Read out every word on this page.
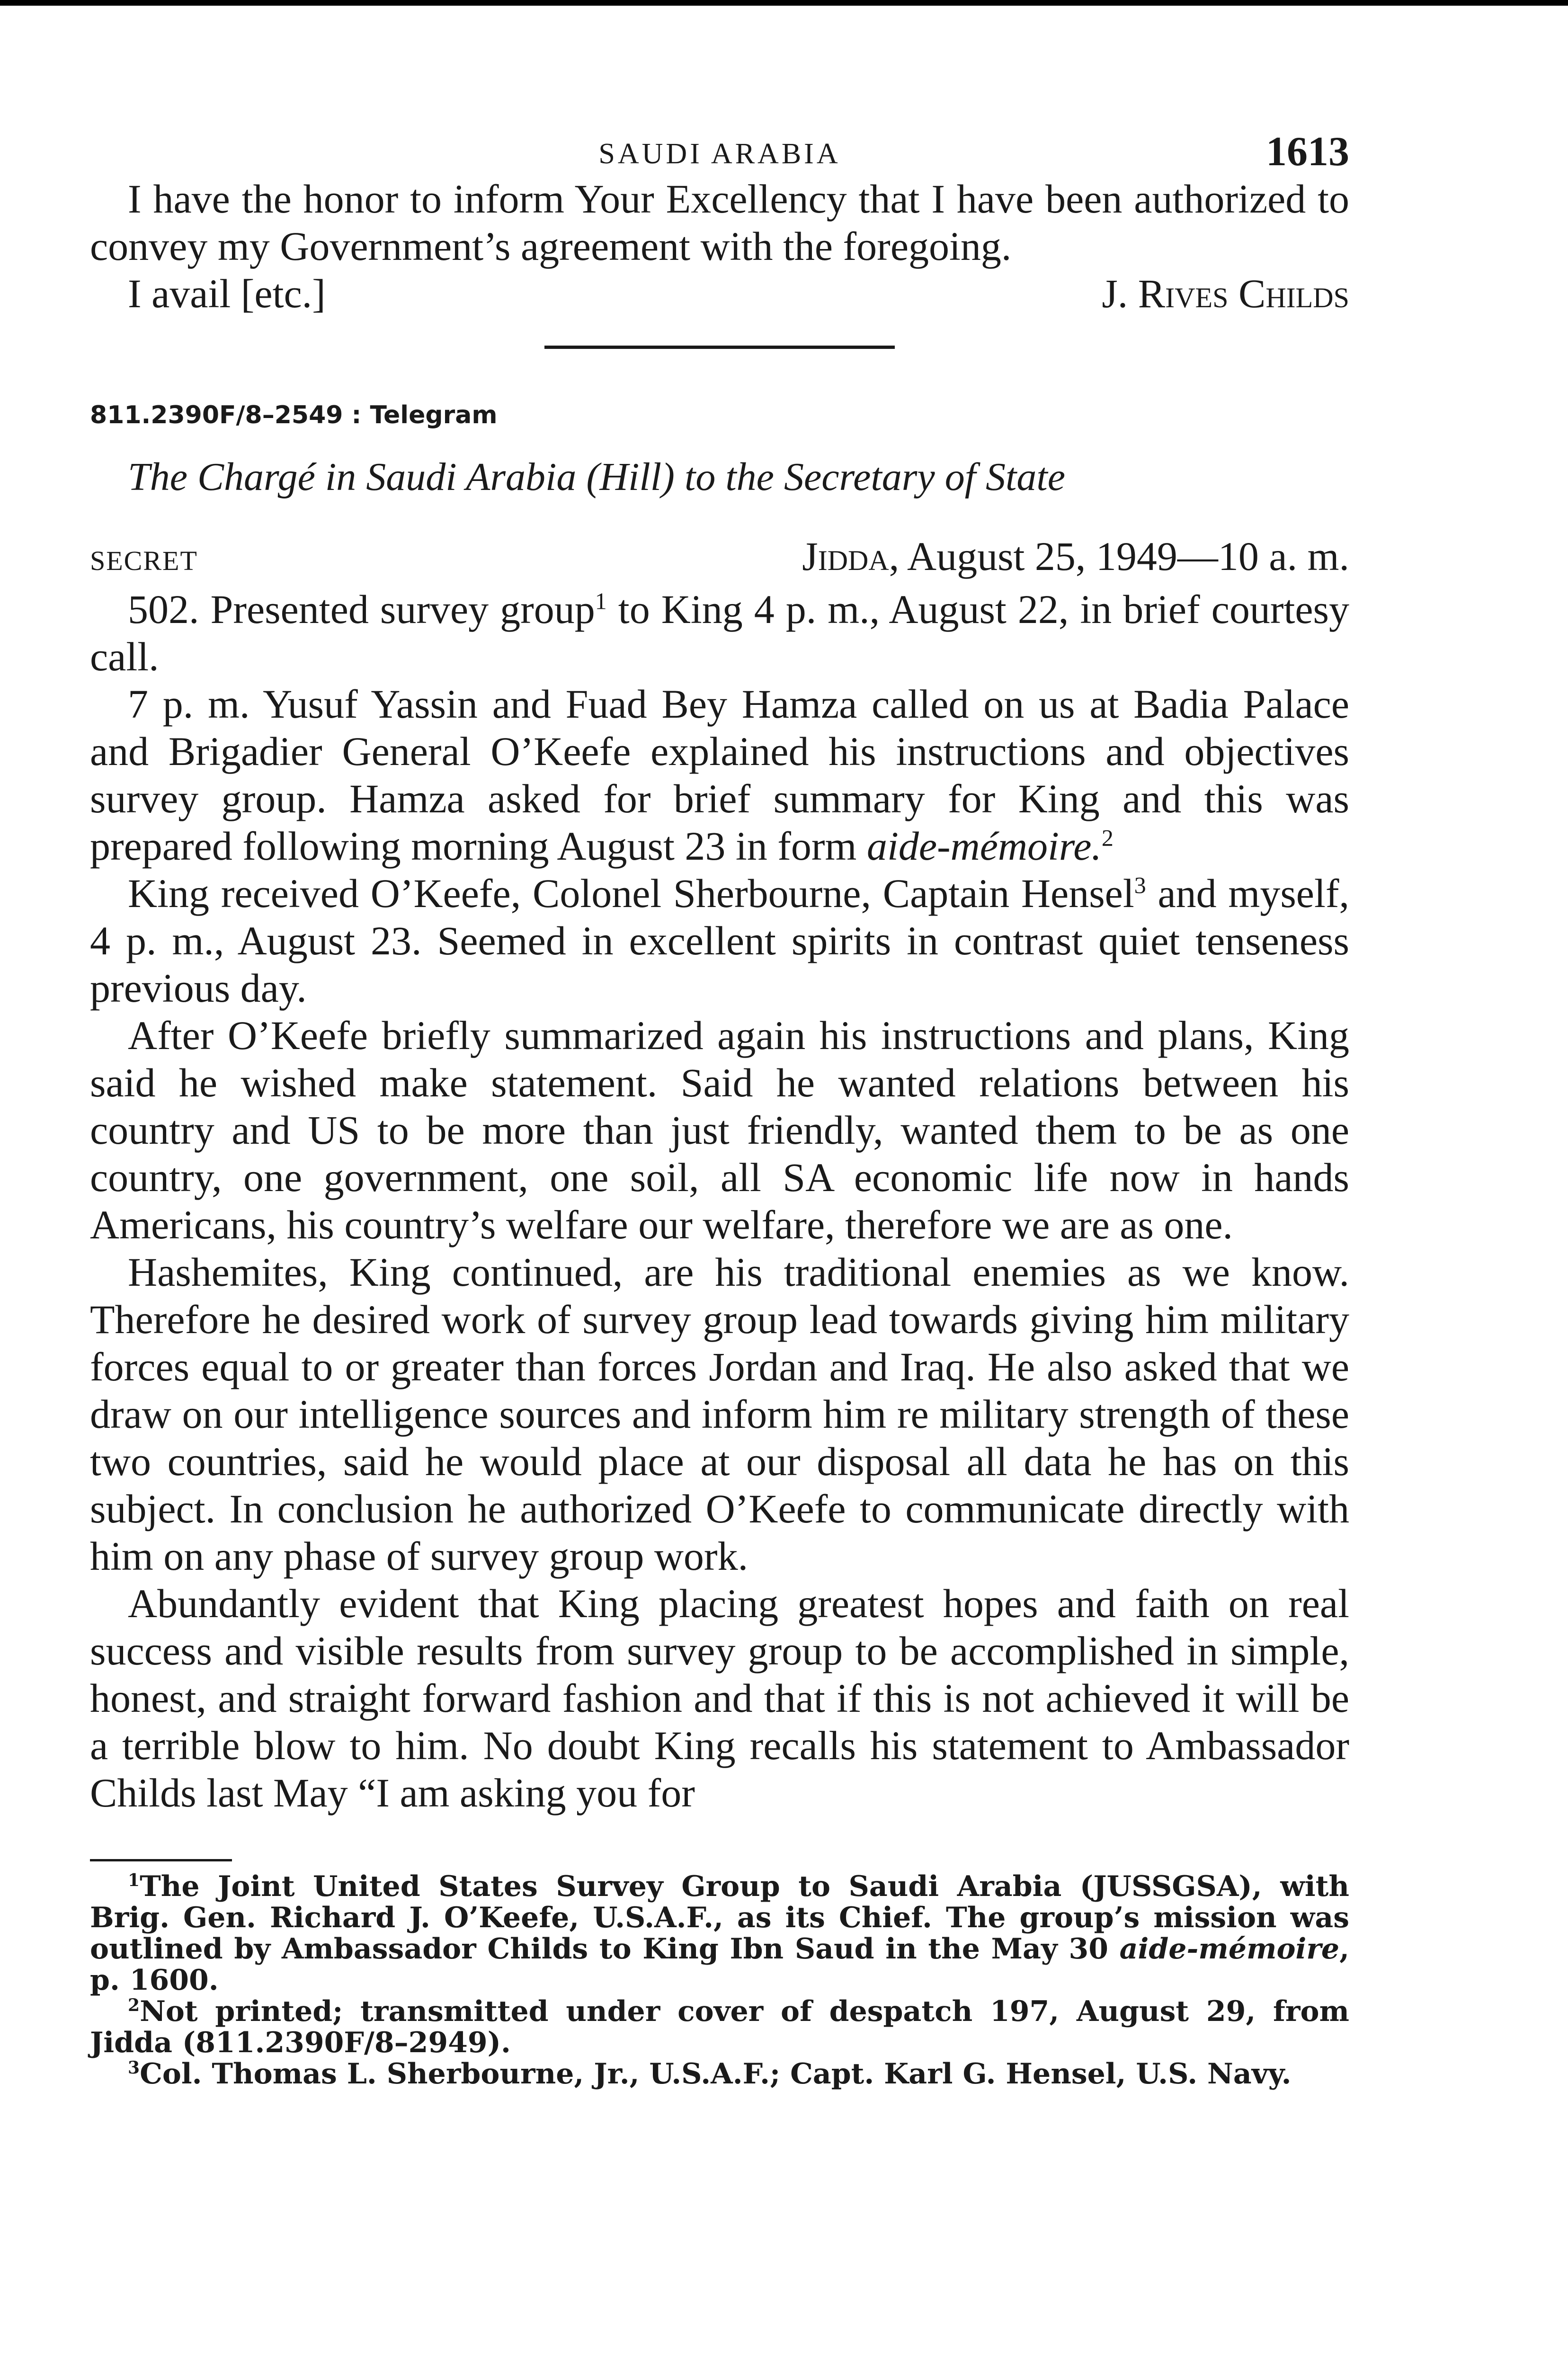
SAUDI ARABIA	1613

I have the honor to inform Your Excellency that I have been authorized to convey my Government’s agreement with the foregoing.

I avail [etc.]	J. Rives Childs

811.2390F/8–2549 : Telegram

The Chargé in Saudi Arabia (Hill) to the Secretary of State

SECRET	Jidda, August 25, 1949—10 a. m.

502. Presented survey group$^1$ to King 4 p. m., August 22, in brief courtesy call.

7 p. m. Yusuf Yassin and Fuad Bey Hamza called on us at Badia Palace and Brigadier General O’Keefe explained his instructions and objectives survey group. Hamza asked for brief summary for King and this was prepared following morning August 23 in form aide-mémoire.$^2$

King received O’Keefe, Colonel Sherbourne, Captain Hensel$^3$ and myself, 4 p. m., August 23. Seemed in excellent spirits in contrast quiet tenseness previous day.

After O’Keefe briefly summarized again his instructions and plans, King said he wished make statement. Said he wanted relations between his country and US to be more than just friendly, wanted them to be as one country, one government, one soil, all SA economic life now in hands Americans, his country’s welfare our welfare, therefore we are as one.

Hashemites, King continued, are his traditional enemies as we know. Therefore he desired work of survey group lead towards giving him military forces equal to or greater than forces Jordan and Iraq. He also asked that we draw on our intelligence sources and inform him re military strength of these two countries, said he would place at our disposal all data he has on this subject. In conclusion he authorized O’Keefe to communicate directly with him on any phase of survey group work.

Abundantly evident that King placing greatest hopes and faith on real success and visible results from survey group to be accomplished in simple, honest, and straight forward fashion and that if this is not achieved it will be a terrible blow to him. No doubt King recalls his statement to Ambassador Childs last May “I am asking you for

$^1$The Joint United States Survey Group to Saudi Arabia (JUSSGSA), with Brig. Gen. Richard J. O’Keefe, U.S.A.F., as its Chief. The group’s mission was outlined by Ambassador Childs to King Ibn Saud in the May 30 aide-mémoire, p. 1600.

$^2$Not printed; transmitted under cover of despatch 197, August 29, from Jidda (811.2390F/8–2949).

$^3$Col. Thomas L. Sherbourne, Jr., U.S.A.F.; Capt. Karl G. Hensel, U.S. Navy.
